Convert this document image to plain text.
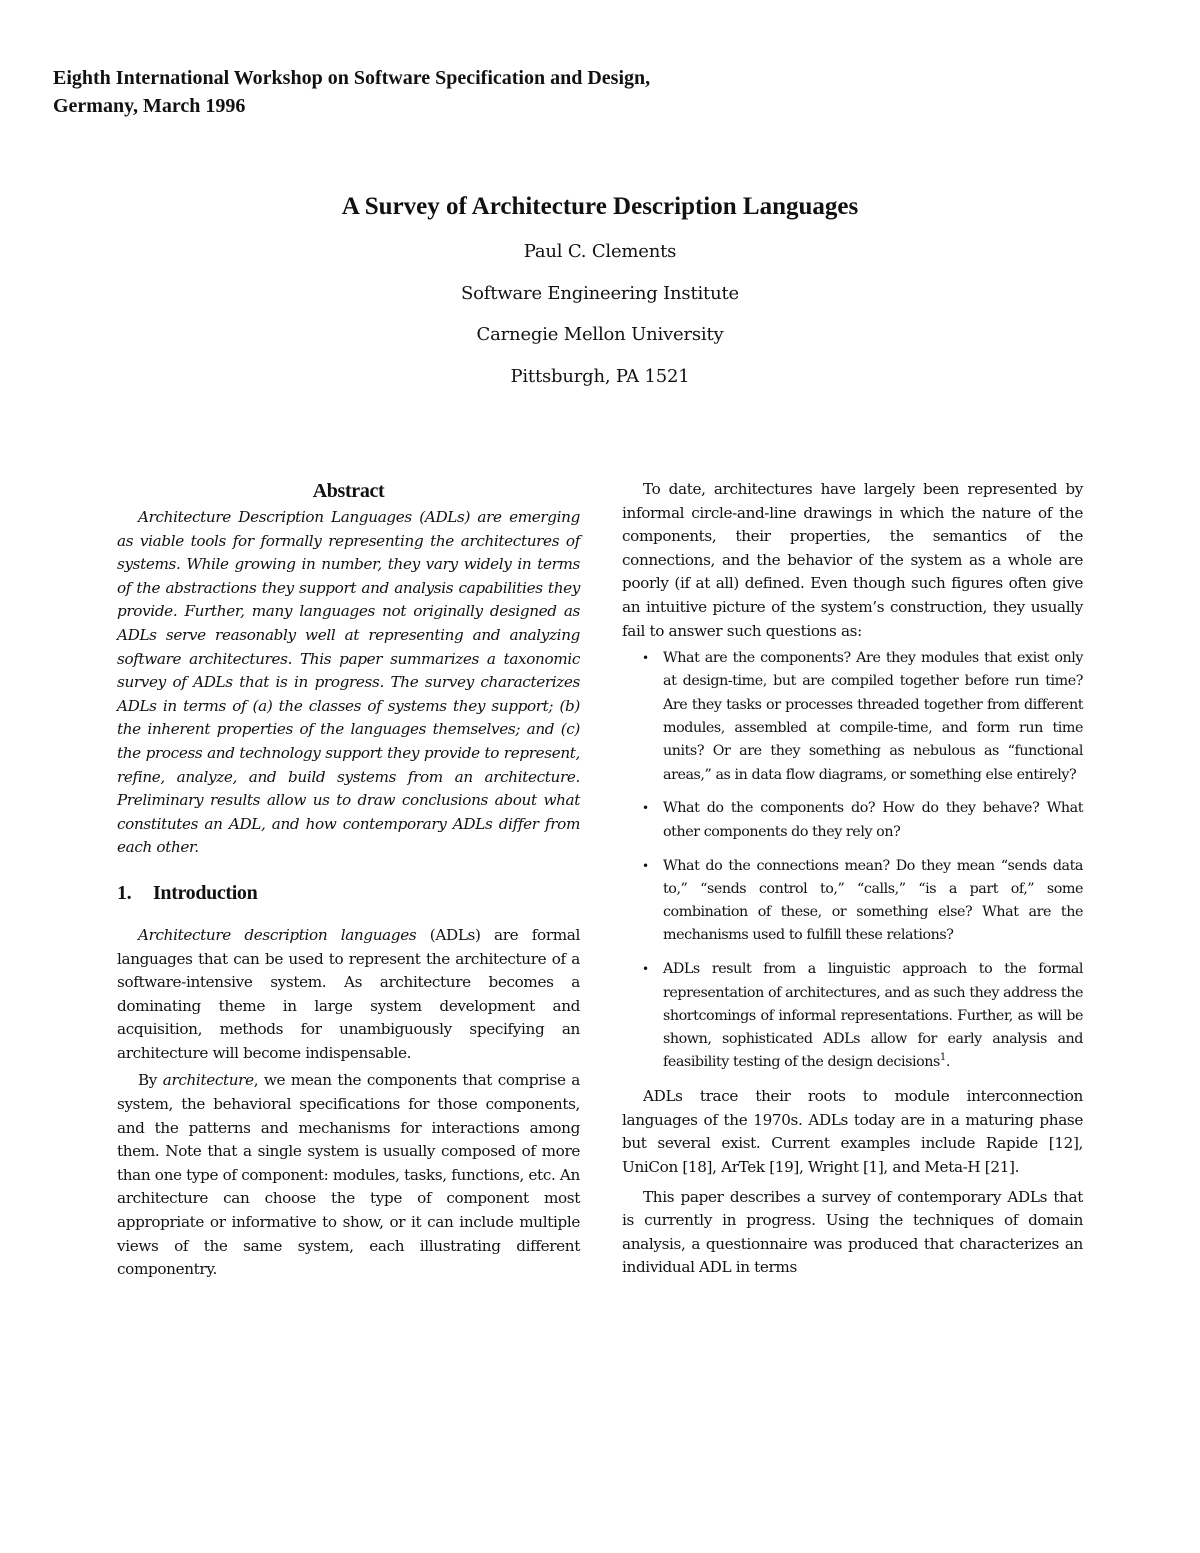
Eighth International Workshop on Software Specification and Design,
Germany, March 1996
A Survey of Architecture Description Languages
Paul C. Clements
Software Engineering Institute
Carnegie Mellon University
Pittsburgh, PA 1521
Abstract

Architecture Description Languages (ADLs) are emerging as viable tools for formally representing the architectures of systems. While growing in number, they vary widely in terms of the abstractions they support and analysis capabilities they provide. Further, many languages not originally designed as ADLs serve reasonably well at representing and analyzing software architectures. This paper summarizes a taxonomic survey of ADLs that is in progress. The survey characterizes ADLs in terms of (a) the classes of systems they support; (b) the inherent properties of the languages themselves; and (c) the process and technology support they provide to represent, refine, analyze, and build systems from an architecture. Preliminary results allow us to draw conclusions about what constitutes an ADL, and how contemporary ADLs differ from each other.

1. Introduction

Architecture description languages (ADLs) are formal languages that can be used to represent the architecture of a software-intensive system. As architecture becomes a dominating theme in large system development and acquisition, methods for unambiguously specifying an architecture will become indispensable.

By architecture, we mean the components that comprise a system, the behavioral specifications for those components, and the patterns and mechanisms for interactions among them. Note that a single system is usually composed of more than one type of component: modules, tasks, functions, etc. An architecture can choose the type of component most appropriate or informative to show, or it can include multiple views of the same system, each illustrating different componentry.

To date, architectures have largely been represented by informal circle-and-line drawings in which the nature of the components, their properties, the semantics of the connections, and the behavior of the system as a whole are poorly (if at all) defined. Even though such figures often give an intuitive picture of the system’s construction, they usually fail to answer such questions as:

• What are the components? Are they modules that exist only at design-time, but are compiled together before run time? Are they tasks or processes threaded together from different modules, assembled at compile-time, and form run time units? Or are they something as nebulous as “functional areas,” as in data flow diagrams, or something else entirely?
• What do the components do? How do they behave? What other components do they rely on?
• What do the connections mean? Do they mean “sends data to,” “sends control to,” “calls,” “is a part of,” some combination of these, or something else? What are the mechanisms used to fulfill these relations?
• ADLs result from a linguistic approach to the formal representation of architectures, and as such they address the shortcomings of informal representations. Further, as will be shown, sophisticated ADLs allow for early analysis and feasibility testing of the design decisions$^1$.

ADLs trace their roots to module interconnection languages of the 1970s. ADLs today are in a maturing phase but several exist. Current examples include Rapide [12], UniCon [18], ArTek [19], Wright [1], and Meta-H [21].

This paper describes a survey of contemporary ADLs that is currently in progress. Using the techniques of domain analysis, a questionnaire was produced that characterizes an individual ADL in terms
